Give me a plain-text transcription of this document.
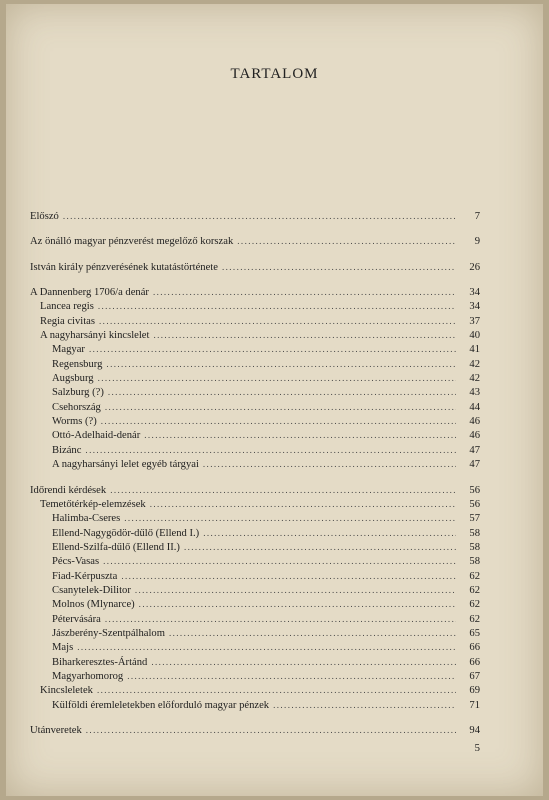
TARTALOM
Előszó .....	7
Az önálló magyar pénzverést megelőző korszak .....	9
István király pénzverésének kutatástörténete .....	26
A Dannenberg 1706/a denár .....	34
Lancea regis .....	34
Regia civitas .....	37
A nagyharsányi kincslelet .....	40
Magyar .....	41
Regensburg .....	42
Augsburg .....	42
Salzburg (?) .....	43
Csehország .....	44
Worms (?) .....	46
Ottó-Adelhaid-denár .....	46
Bizánc .....	47
A nagyharsányi lelet egyéb tárgyai .....	47
Időrendi kérdések .....	56
Temetőtérkép-elemzések .....	56
Halimba-Cseres .....	57
Ellend-Nagygödör-dűlő (Ellend I.) .....	58
Ellend-Szilfa-dűlő (Ellend II.) .....	58
Pécs-Vasas .....	58
Fiad-Kérpuszta .....	62
Csanytelek-Dilitor .....	62
Molnos (Mlynarce) .....	62
Pétervására .....	62
Jászberény-Szentpálhalom .....	65
Majs .....	66
Biharkeresztes-Ártánd .....	66
Magyarhomorog .....	67
Kincsleletek .....	69
Külföldi éremleletekben előforduló magyar pénzek .....	71
Utánveretek .....	94
5
